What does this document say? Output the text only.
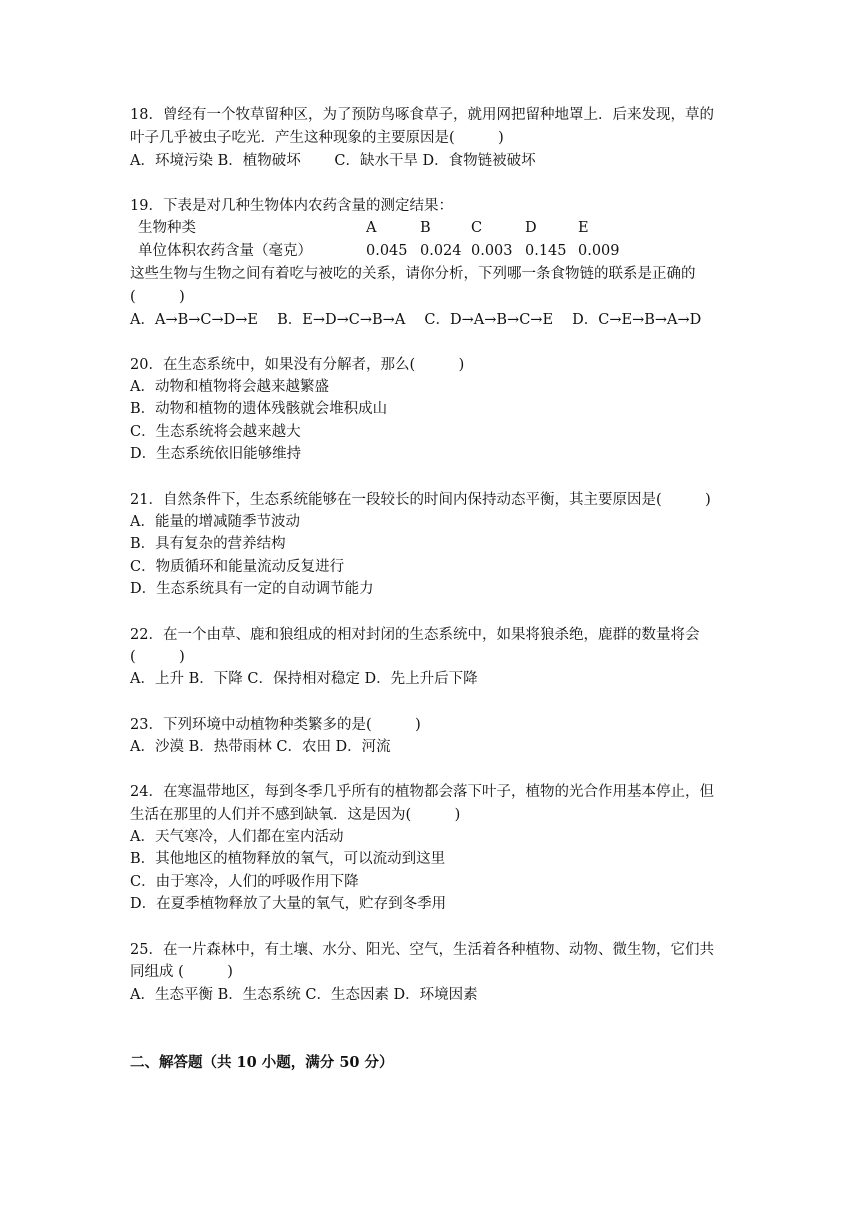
18．曾经有一个牧草留种区，为了预防鸟啄食草子，就用网把留种地罩上．后来发现，草的
叶子几乎被虫子吃光．产生这种现象的主要原因是(　　　)
A．环境污染 B．植物破坏　　 C．缺水干旱 D．食物链被破坏
19．下表是对几种生物体内农药含量的测定结果：
生物种类	A	B	C	D	E
单位体积农药含量（毫克）	0.045 0.024 0.003 0.145 0.009
这些生物与生物之间有着吃与被吃的关系，请你分析，下列哪一条食物链的联系是正确的
(　　　)
A．A→B→C→D→E　 B．E→D→C→B→A　 C．D→A→B→C→E　 D．C→E→B→A→D
20．在生态系统中，如果没有分解者，那么(　　　)
A．动物和植物将会越来越繁盛
B．动物和植物的遗体残骸就会堆积成山
C．生态系统将会越来越大
D．生态系统依旧能够维持
21．自然条件下，生态系统能够在一段较长的时间内保持动态平衡，其主要原因是(　　　)
A．能量的增减随季节波动
B．具有复杂的营养结构
C．物质循环和能量流动反复进行
D．生态系统具有一定的自动调节能力
22．在一个由草、鹿和狼组成的相对封闭的生态系统中，如果将狼杀绝，鹿群的数量将会
(　　　)
A．上升 B．下降 C．保持相对稳定 D．先上升后下降
23．下列环境中动植物种类繁多的是(　　　)
A．沙漠 B．热带雨林 C．农田 D．河流
24．在寒温带地区，每到冬季几乎所有的植物都会落下叶子，植物的光合作用基本停止，但
生活在那里的人们并不感到缺氧．这是因为(　　　)
A．天气寒冷，人们都在室内活动
B．其他地区的植物释放的氧气，可以流动到这里
C．由于寒冷，人们的呼吸作用下降
D．在夏季植物释放了大量的氧气，贮存到冬季用
25．在一片森林中，有土壤、水分、阳光、空气，生活着各种植物、动物、微生物，它们共
同组成 (　　　)
A．生态平衡 B．生态系统 C．生态因素 D．环境因素
二、解答题（共 10 小题，满分 50 分）
